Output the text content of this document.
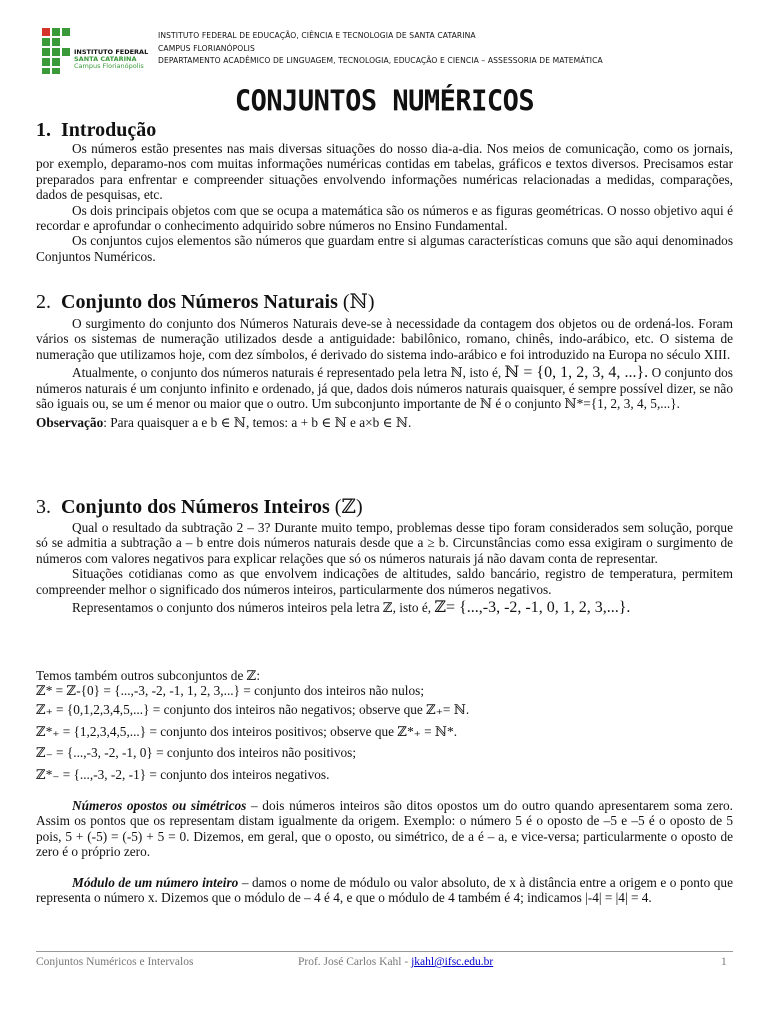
INSTITUTO FEDERAL
SANTA CATARINA
Campus Florianópolis
INSTITUTO FEDERAL DE EDUCAÇÃO, CIÊNCIA E TECNOLOGIA DE SANTA CATARINA
CAMPUS FLORIANÓPOLIS
DEPARTAMENTO ACADÊMICO DE LINGUAGEM, TECNOLOGIA, EDUCAÇÃO E CIENCIA – ASSESSORIA DE MATEMÁTICA
CONJUNTOS NUMÉRICOS
1. Introdução

Os números estão presentes nas mais diversas situações do nosso dia-a-dia. Nos meios de comunicação, como os jornais, por exemplo, deparamo-nos com muitas informações numéricas contidas em tabelas, gráficos e textos diversos. Precisamos estar preparados para enfrentar e compreender situações envolvendo informações numéricas relacionadas a medidas, comparações, dados de pesquisas, etc.

Os dois principais objetos com que se ocupa a matemática são os números e as figuras geométricas. O nosso objetivo aqui é recordar e aprofundar o conhecimento adquirido sobre números no Ensino Fundamental.

Os conjuntos cujos elementos são números que guardam entre si algumas características comuns que são aqui denominados Conjuntos Numéricos.

2. Conjunto dos Números Naturais (ℕ)

O surgimento do conjunto dos Números Naturais deve-se à necessidade da contagem dos objetos ou de ordená-los. Foram vários os sistemas de numeração utilizados desde a antiguidade: babilônico, romano, chinês, indo-arábico, etc. O sistema de numeração que utilizamos hoje, com dez símbolos, é derivado do sistema indo-arábico e foi introduzido na Europa no século XIII.

Atualmente, o conjunto dos números naturais é representado pela letra ℕ, isto é, ℕ = {0, 1, 2, 3, 4, ...}. O conjunto dos números naturais é um conjunto infinito e ordenado, já que, dados dois números naturais quaisquer, é sempre possível dizer, se não são iguais ou, se um é menor ou maior que o outro. Um subconjunto importante de ℕ é o conjunto ℕ*={1, 2, 3, 4, 5,...}.

Observação: Para quaisquer a e b ∈ ℕ, temos: a + b ∈ ℕ e a×b ∈ ℕ.

3. Conjunto dos Números Inteiros (ℤ)

Qual o resultado da subtração 2 – 3? Durante muito tempo, problemas desse tipo foram considerados sem solução, porque só se admitia a subtração a – b entre dois números naturais desde que a ≥ b. Circunstâncias como essa exigiram o surgimento de números com valores negativos para explicar relações que só os números naturais já não davam conta de representar.

Situações cotidianas como as que envolvem indicações de altitudes, saldo bancário, registro de temperatura, permitem compreender melhor o significado dos números inteiros, particularmente dos números negativos.

Representamos o conjunto dos números inteiros pela letra ℤ, isto é, ℤ= {...,-3, -2, -1, 0, 1, 2, 3,...}.

Temos também outros subconjuntos de ℤ:
ℤ* = ℤ-{0} = {...,-3, -2, -1, 1, 2, 3,...} = conjunto dos inteiros não nulos;
ℤ₊ = {0,1,2,3,4,5,...} = conjunto dos inteiros não negativos; observe que ℤ₊= ℕ.
ℤ*₊ = {1,2,3,4,5,...} = conjunto dos inteiros positivos; observe que ℤ*₊ = ℕ*.
ℤ₋ = {...,-3, -2, -1, 0} = conjunto dos inteiros não positivos;
ℤ*₋ = {...,-3, -2, -1} = conjunto dos inteiros negativos.

Números opostos ou simétricos – dois números inteiros são ditos opostos um do outro quando apresentarem soma zero. Assim os pontos que os representam distam igualmente da origem. Exemplo: o número 5 é o oposto de –5 e –5 é o oposto de 5 pois, 5 + (-5) = (-5) + 5 = 0. Dizemos, em geral, que o oposto, ou simétrico, de a é – a, e vice-versa; particularmente o oposto de zero é o próprio zero.

Módulo de um número inteiro – damos o nome de módulo ou valor absoluto, de x à distância entre a origem e o ponto que representa o número x. Dizemos que o módulo de – 4 é 4, e que o módulo de 4 também é 4; indicamos |-4| = |4| = 4.

Conjuntos Numéricos e Intervalos	Prof. José Carlos Kahl - jkahl@ifsc.edu.br	1
